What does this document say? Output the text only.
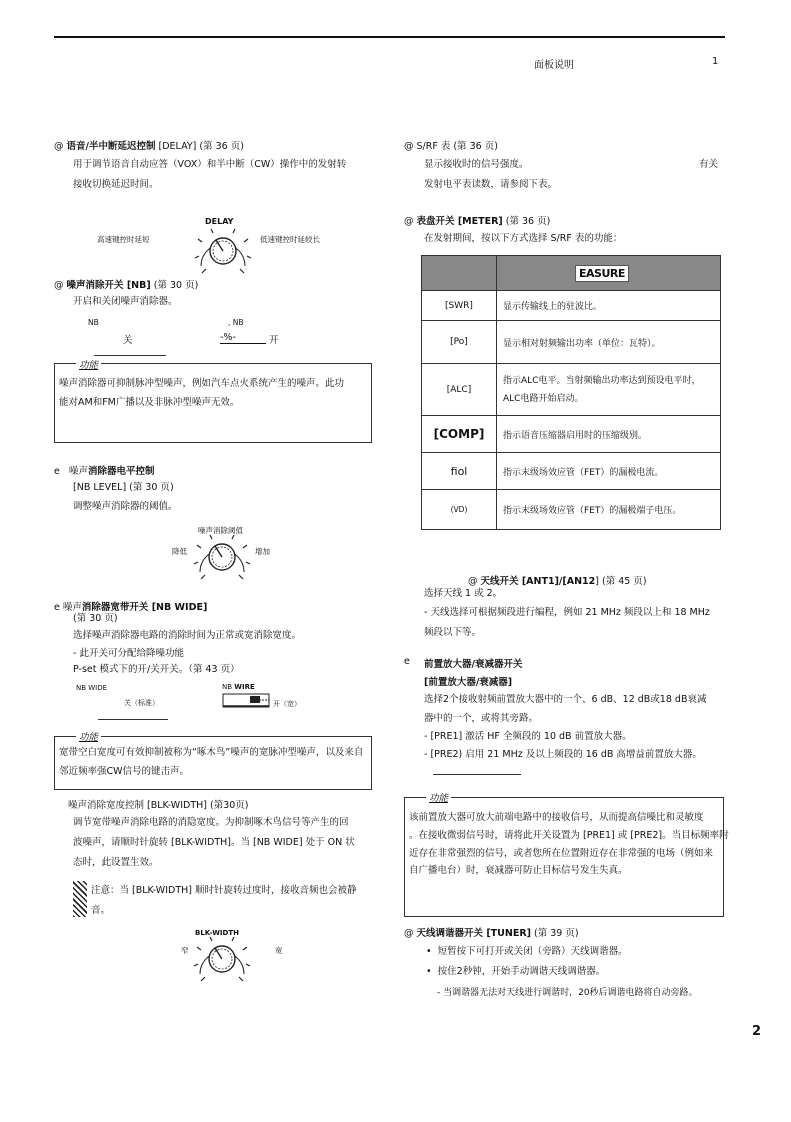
面板说明	1
@ 语音/半中断延迟控制 [DELAY] (第 36 页)
用于调节语音自动应答（VOX）和半中断（CW）操作中的发射转
接收切换延迟时间。
DELAY
高速键控时延短	低速键控时延较长
@ 噪声消除开关 [NB] (第 30 页)
开启和关闭噪声消除器。
NB	, NB
关	-%-	开
功能
噪声消除器可抑制脉冲型噪声，例如汽车点火系统产生的噪声。此功
能对AM和FM广播以及非脉冲型噪声无效。
e 噪声消除器电平控制
[NB LEVEL] (第 30 页)
调整噪声消除器的阈值。
噪声消除阈值
降低	增加
e 噪声消除器宽带开关 [NB WIDE]
(第 30 页)
选择噪声消除器电路的消除时间为正常或宽消除宽度。
- 此开关可分配给降噪功能
P-set 模式下的开/关开关。（第 43 页）
NB WIDE	NB WIRE
关（标准）	开（宽）
功能
宽带空白宽度可有效抑制被称为“啄木鸟”噪声的宽脉冲型噪声，以及来自
邻近频率强CW信号的键击声。
噪声消除宽度控制 [BLK-WIDTH] (第30页)
调节宽带噪声消除电路的消隐宽度。为抑制啄木鸟信号等产生的回
波噪声，请顺时针旋转 [BLK-WIDTH]。当 [NB WIDE] 处于 ON 状
态时，此设置生效。
注意：当 [BLK-WIDTH] 顺时针旋转过度时，接收音频也会被静
音。
BLK-WIDTH
窄	宽
@ S/RF 表 (第 36 页)
显示接收时的信号强度。	有关
发射电平表读数，请参阅下表。
@ 表盘开关 [METER] (第 36 页)
在发射期间，按以下方式选择 S/RF 表的功能：
	EASURE
[SWR]	显示传输线上的驻波比。
[Po]	显示相对射频输出功率（单位：瓦特）。
[ALC]	指示ALC电平。当射频输出功率达到预设电平时，
ALC电路开始启动。

[COMP]	指示语音压缩器启用时的压缩级别。
fiol	指示末级场效应管（FET）的漏极电流。
(VD)	指示末级场效应管（FET）的漏极端子电压。
@ 天线开关 [ANT1]/[AN12] (第 45 页)
选择天线 1 或 2。
- 天线选择可根据频段进行编程，例如 21 MHz 频段以上和 18 MHz
频段以下等。
e 前置放大器/衰减器开关
[前置放大器/衰减器]
选择2个接收射频前置放大器中的一个、6 dB、12 dB或18 dB衰减
器中的一个，或将其旁路。
- [PRE1] 激活 HF 全频段的 10 dB 前置放大器。
- [PRE2) 启用 21 MHz 及以上频段的 16 dB 高增益前置放大器。
功能
该前置放大器可放大前端电路中的接收信号，从而提高信噪比和灵敏度
。在接收微弱信号时，请将此开关设置为 [PRE1] 或 [PRE2]。当目标频率附
近存在非常强烈的信号，或者您所在位置附近存在非常强的电场（例如来
自广播电台）时，衰减器可防止目标信号发生失真。
@ 天线调谐器开关 [TUNER] (第 39 页)
•  短暂按下可打开或关闭（旁路）天线调谐器。
•  按住2秒钟，开始手动调谐天线调谐器。
- 当调谐器无法对天线进行调谐时，20秒后调谐电路将自动旁路。
2
